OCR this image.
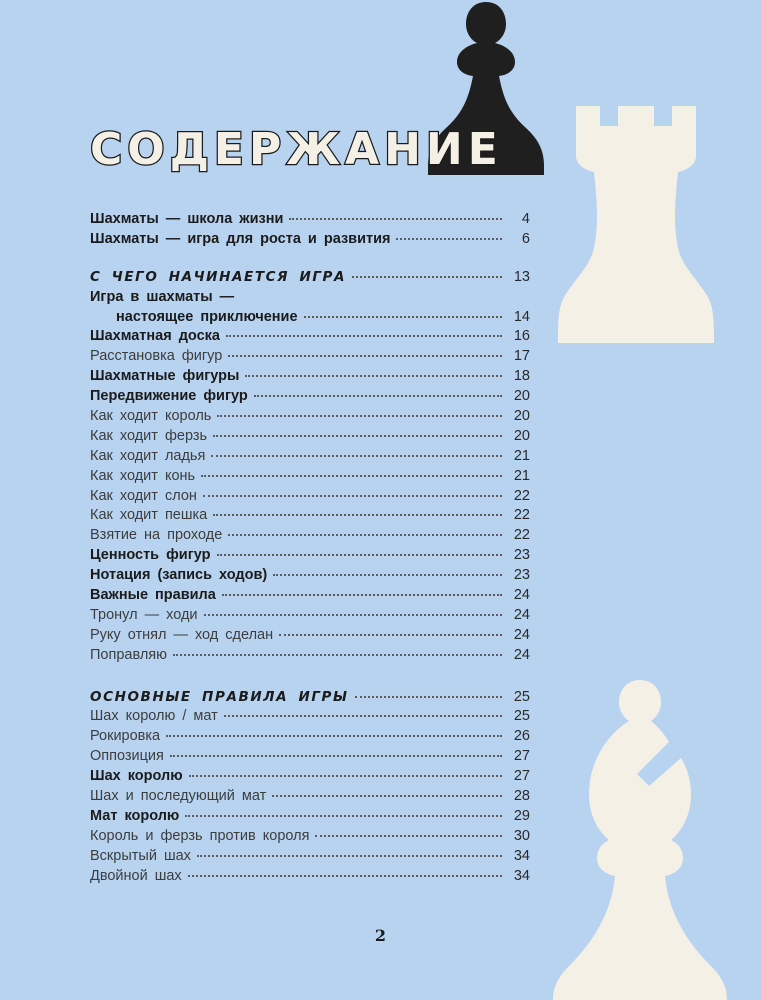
СОДЕРЖАНИЕ
Шахматы — школа жизни	4
Шахматы — игра для роста и развития	6
С ЧЕГО НАЧИНАЕТСЯ ИГРА	13
Игра в шахматы —
настоящее приключение	14
Шахматная доска	16
Расстановка фигур	17
Шахматные фигуры	18
Передвижение фигур	20
Как ходит король	20
Как ходит ферзь	20
Как ходит ладья	21
Как ходит конь	21
Как ходит слон	22
Как ходит пешка	22
Взятие на проходе	22
Ценность фигур	23
Нотация (запись ходов)	23
Важные правила	24
Тронул — ходи	24
Руку отнял — ход сделан	24
Поправляю	24
ОСНОВНЫЕ ПРАВИЛА ИГРЫ	25
Шах королю / мат	25
Рокировка	26
Оппозиция	27
Шах королю	27
Шах и последующий мат	28
Мат королю	29
Король и ферзь против короля	30
Вскрытый шах	34
Двойной шах	34
2
